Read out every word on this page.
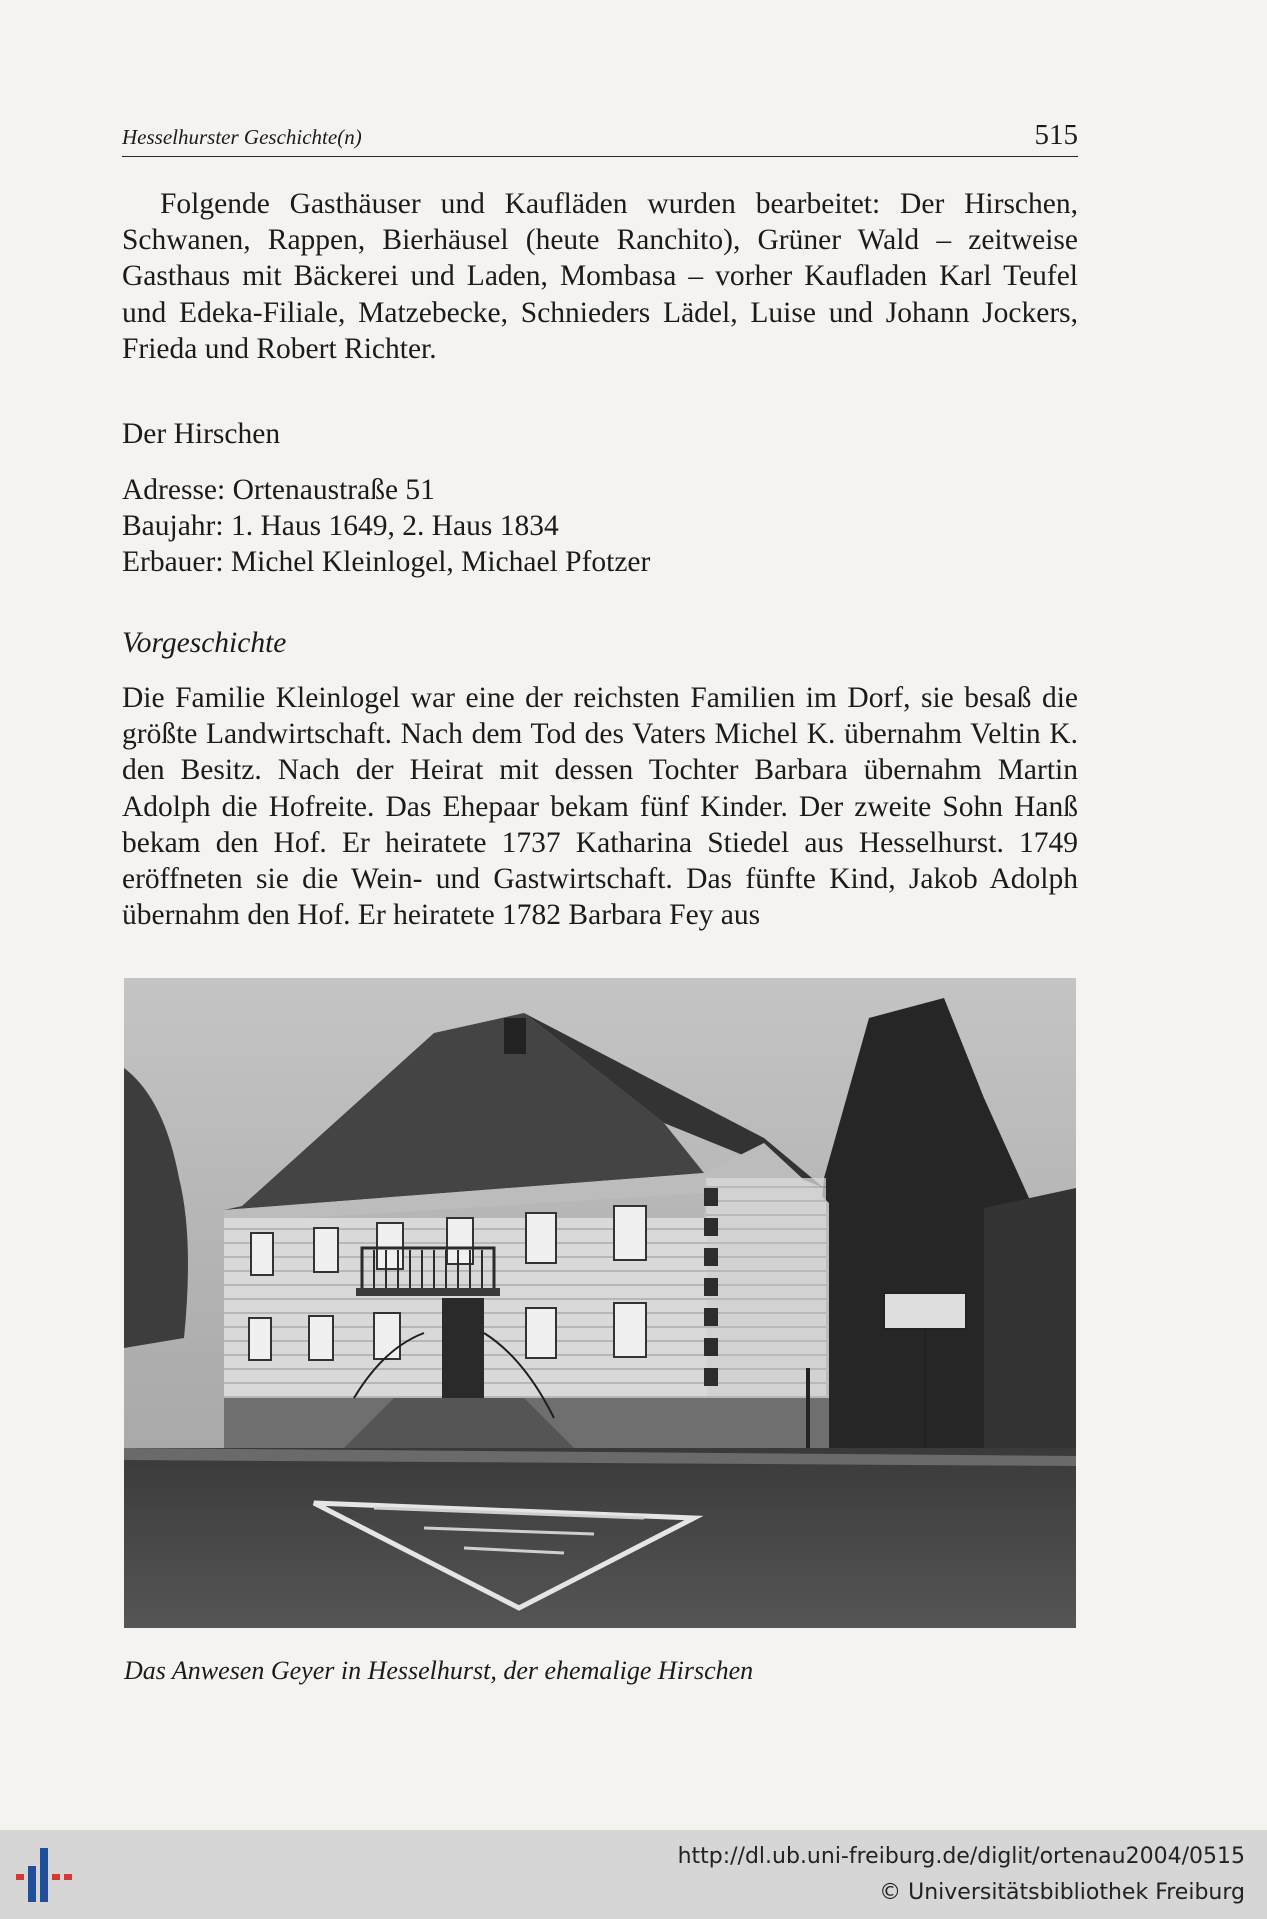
Hesselhurster Geschichte(n)	515

Folgende Gasthäuser und Kaufläden wurden bearbeitet: Der Hirschen, Schwanen, Rappen, Bierhäusel (heute Ranchito), Grüner Wald – zeitweise Gasthaus mit Bäckerei und Laden, Mombasa – vorher Kaufladen Karl Teufel und Edeka-Filiale, Matzebecke, Schnieders Lädel, Luise und Johann Jockers, Frieda und Robert Richter.

Der Hirschen

Adresse: Ortenaustraße 51

Baujahr: 1. Haus 1649, 2. Haus 1834

Erbauer: Michel Kleinlogel, Michael Pfotzer

Vorgeschichte

Die Familie Kleinlogel war eine der reichsten Familien im Dorf, sie besaß die größte Landwirtschaft. Nach dem Tod des Vaters Michel K. übernahm Veltin K. den Besitz. Nach der Heirat mit dessen Tochter Barbara übernahm Martin Adolph die Hofreite. Das Ehepaar bekam fünf Kinder. Der zweite Sohn Hanß bekam den Hof. Er heiratete 1737 Katharina Stiedel aus Hesselhurst. 1749 eröffneten sie die Wein- und Gastwirtschaft. Das fünfte Kind, Jakob Adolph übernahm den Hof. Er heiratete 1782 Barbara Fey aus

Das Anwesen Geyer in Hesselhurst, der ehemalige Hirschen
http://dl.ub.uni-freiburg.de/diglit/ortenau2004/0515
© Universitätsbibliothek Freiburg
